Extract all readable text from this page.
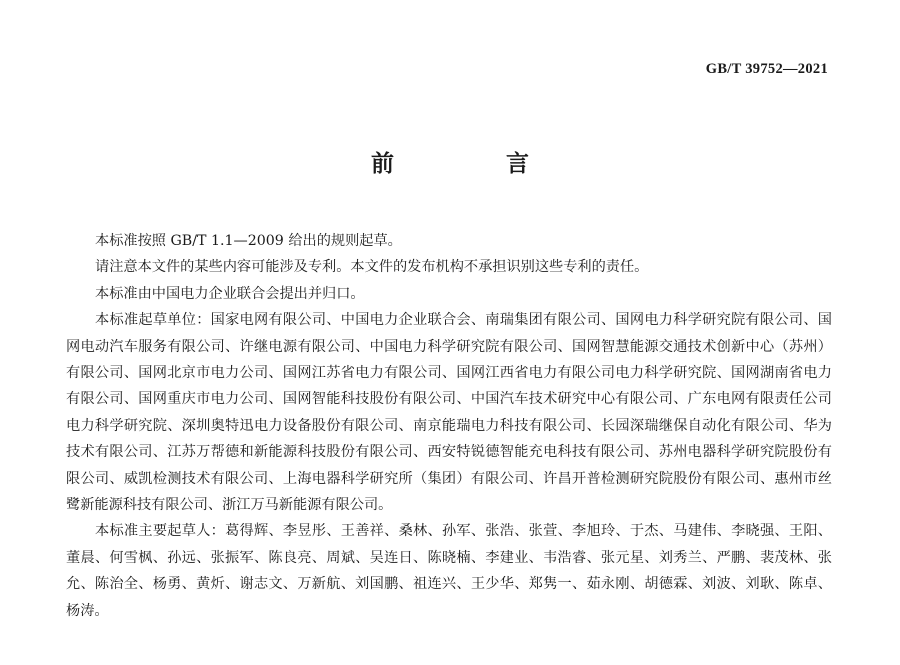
GB/T 39752—2021
前 言

本标准按照 GB/T 1.1—2009 给出的规则起草。

请注意本文件的某些内容可能涉及专利。本文件的发布机构不承担识别这些专利的责任。

本标准由中国电力企业联合会提出并归口。

本标准起草单位：国家电网有限公司、中国电力企业联合会、南瑞集团有限公司、国网电力科学研究院有限公司、国网电动汽车服务有限公司、许继电源有限公司、中国电力科学研究院有限公司、国网智慧能源交通技术创新中心（苏州）有限公司、国网北京市电力公司、国网江苏省电力有限公司、国网江西省电力有限公司电力科学研究院、国网湖南省电力有限公司、国网重庆市电力公司、国网智能科技股份有限公司、中国汽车技术研究中心有限公司、广东电网有限责任公司电力科学研究院、深圳奥特迅电力设备股份有限公司、南京能瑞电力科技有限公司、长园深瑞继保自动化有限公司、华为技术有限公司、江苏万帮德和新能源科技股份有限公司、西安特锐德智能充电科技有限公司、苏州电器科学研究院股份有限公司、威凯检测技术有限公司、上海电器科学研究所（集团）有限公司、许昌开普检测研究院股份有限公司、惠州市丝鹭新能源科技有限公司、浙江万马新能源有限公司。

本标准主要起草人：葛得辉、李昱彤、王善祥、桑林、孙军、张浩、张萱、李旭玲、于杰、马建伟、李晓强、王阳、董晨、何雪枫、孙远、张振军、陈良亮、周斌、吴连日、陈晓楠、李建业、韦浩睿、张元星、刘秀兰、严鹏、裴茂林、张允、陈治全、杨勇、黄炘、谢志文、万新航、刘国鹏、祖连兴、王少华、郑隽一、茹永刚、胡德霖、刘波、刘耿、陈卓、杨涛。
